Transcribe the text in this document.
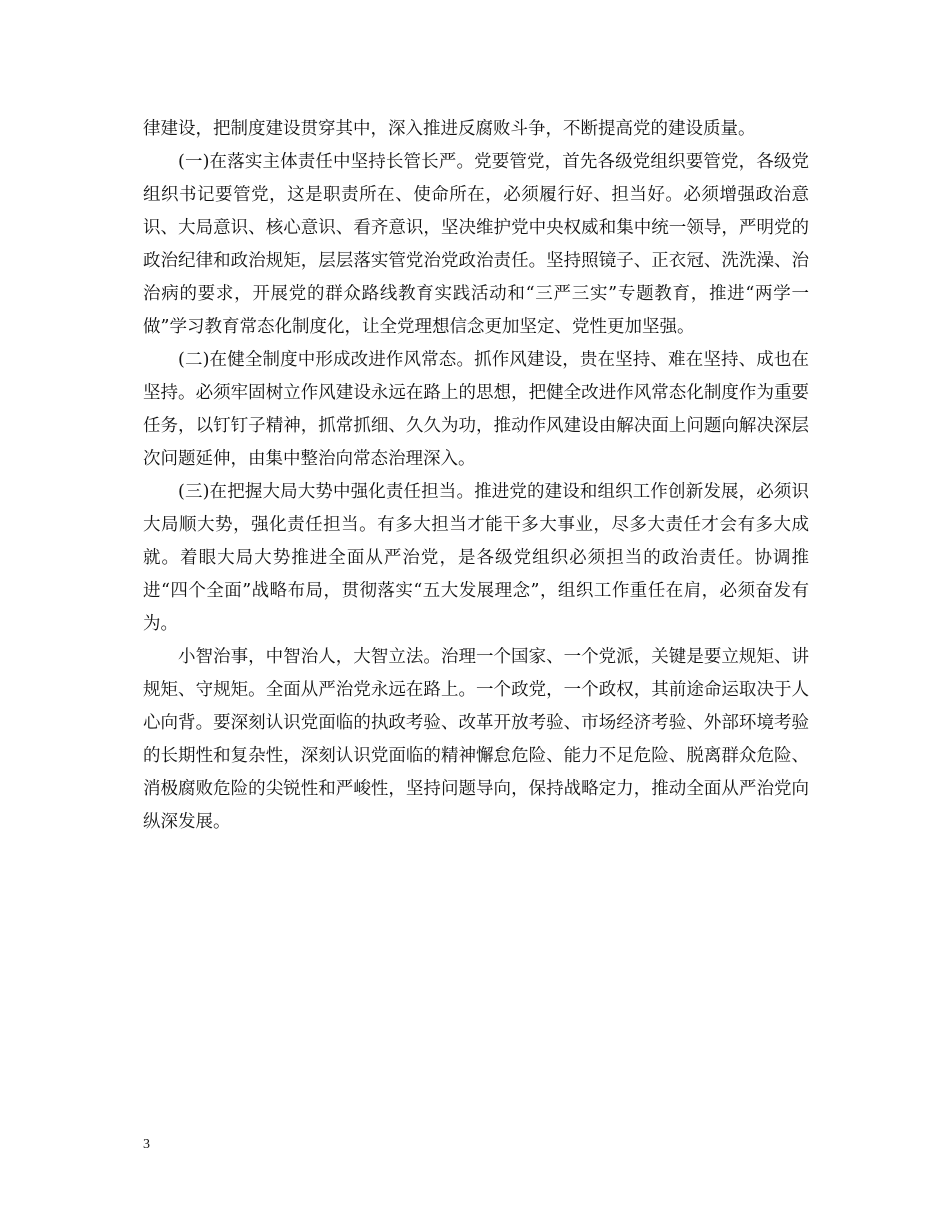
律建设，把制度建设贯穿其中，深入推进反腐败斗争，不断提高党的建设质量。

(一)在落实主体责任中坚持长管长严。党要管党，首先各级党组织要管党，各级党组织书记要管党，这是职责所在、使命所在，必须履行好、担当好。必须增强政治意识、大局意识、核心意识、看齐意识，坚决维护党中央权威和集中统一领导，严明党的政治纪律和政治规矩，层层落实管党治党政治责任。坚持照镜子、正衣冠、洗洗澡、治治病的要求，开展党的群众路线教育实践活动和“三严三实”专题教育，推进“两学一做”学习教育常态化制度化，让全党理想信念更加坚定、党性更加坚强。

(二)在健全制度中形成改进作风常态。抓作风建设，贵在坚持、难在坚持、成也在坚持。必须牢固树立作风建设永远在路上的思想，把健全改进作风常态化制度作为重要任务，以钉钉子精神，抓常抓细、久久为功，推动作风建设由解决面上问题向解决深层次问题延伸，由集中整治向常态治理深入。

(三)在把握大局大势中强化责任担当。推进党的建设和组织工作创新发展，必须识大局顺大势，强化责任担当。有多大担当才能干多大事业，尽多大责任才会有多大成就。着眼大局大势推进全面从严治党，是各级党组织必须担当的政治责任。协调推进“四个全面”战略布局，贯彻落实“五大发展理念”，组织工作重任在肩，必须奋发有为。

小智治事，中智治人，大智立法。治理一个国家、一个党派，关键是要立规矩、讲规矩、守规矩。全面从严治党永远在路上。一个政党，一个政权，其前途命运取决于人心向背。要深刻认识党面临的执政考验、改革开放考验、市场经济考验、外部环境考验的长期性和复杂性，深刻认识党面临的精神懈怠危险、能力不足危险、脱离群众危险、消极腐败危险的尖锐性和严峻性，坚持问题导向，保持战略定力，推动全面从严治党向纵深发展。

3
